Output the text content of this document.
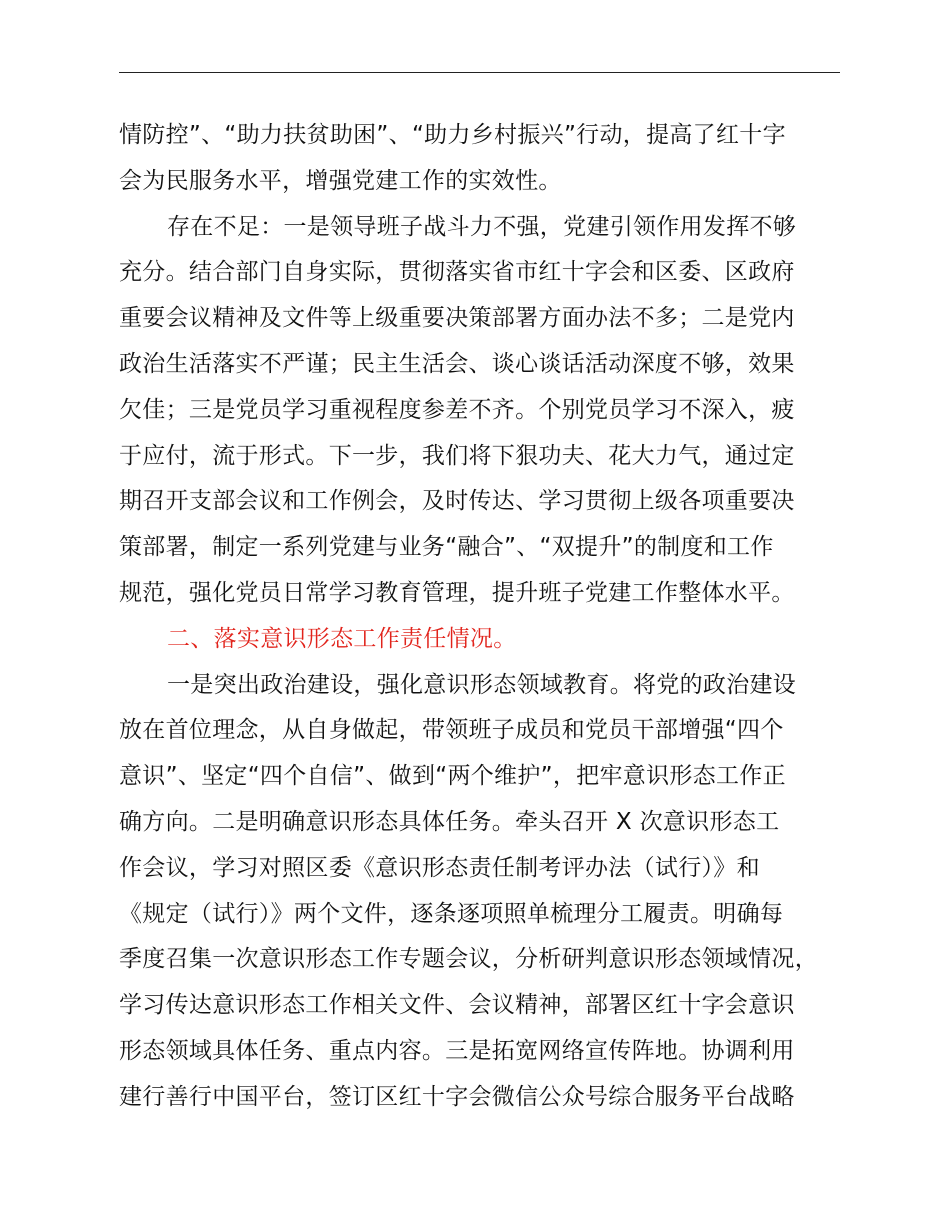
情防控”、“助力扶贫助困”、“助力乡村振兴”行动，提高了红十字
会为民服务水平，增强党建工作的实效性。
存在不足：一是领导班子战斗力不强，党建引领作用发挥不够
充分。结合部门自身实际，贯彻落实省市红十字会和区委、区政府
重要会议精神及文件等上级重要决策部署方面办法不多；二是党内
政治生活落实不严谨；民主生活会、谈心谈话活动深度不够，效果
欠佳；三是党员学习重视程度参差不齐。个别党员学习不深入，疲
于应付，流于形式。下一步，我们将下狠功夫、花大力气，通过定
期召开支部会议和工作例会，及时传达、学习贯彻上级各项重要决
策部署，制定一系列党建与业务“融合”、“双提升”的制度和工作
规范，强化党员日常学习教育管理，提升班子党建工作整体水平。
二、落实意识形态工作责任情况。
一是突出政治建设，强化意识形态领域教育。将党的政治建设
放在首位理念，从自身做起，带领班子成员和党员干部增强“四个
意识”、坚定“四个自信”、做到“两个维护”，把牢意识形态工作正
确方向。二是明确意识形态具体任务。牵头召开 X 次意识形态工
作会议，学习对照区委《意识形态责任制考评办法（试行）》和
《规定（试行）》两个文件，逐条逐项照单梳理分工履责。明确每
季度召集一次意识形态工作专题会议，分析研判意识形态领域情况，
学习传达意识形态工作相关文件、会议精神，部署区红十字会意识
形态领域具体任务、重点内容。三是拓宽网络宣传阵地。协调利用
建行善行中国平台，签订区红十字会微信公众号综合服务平台战略
